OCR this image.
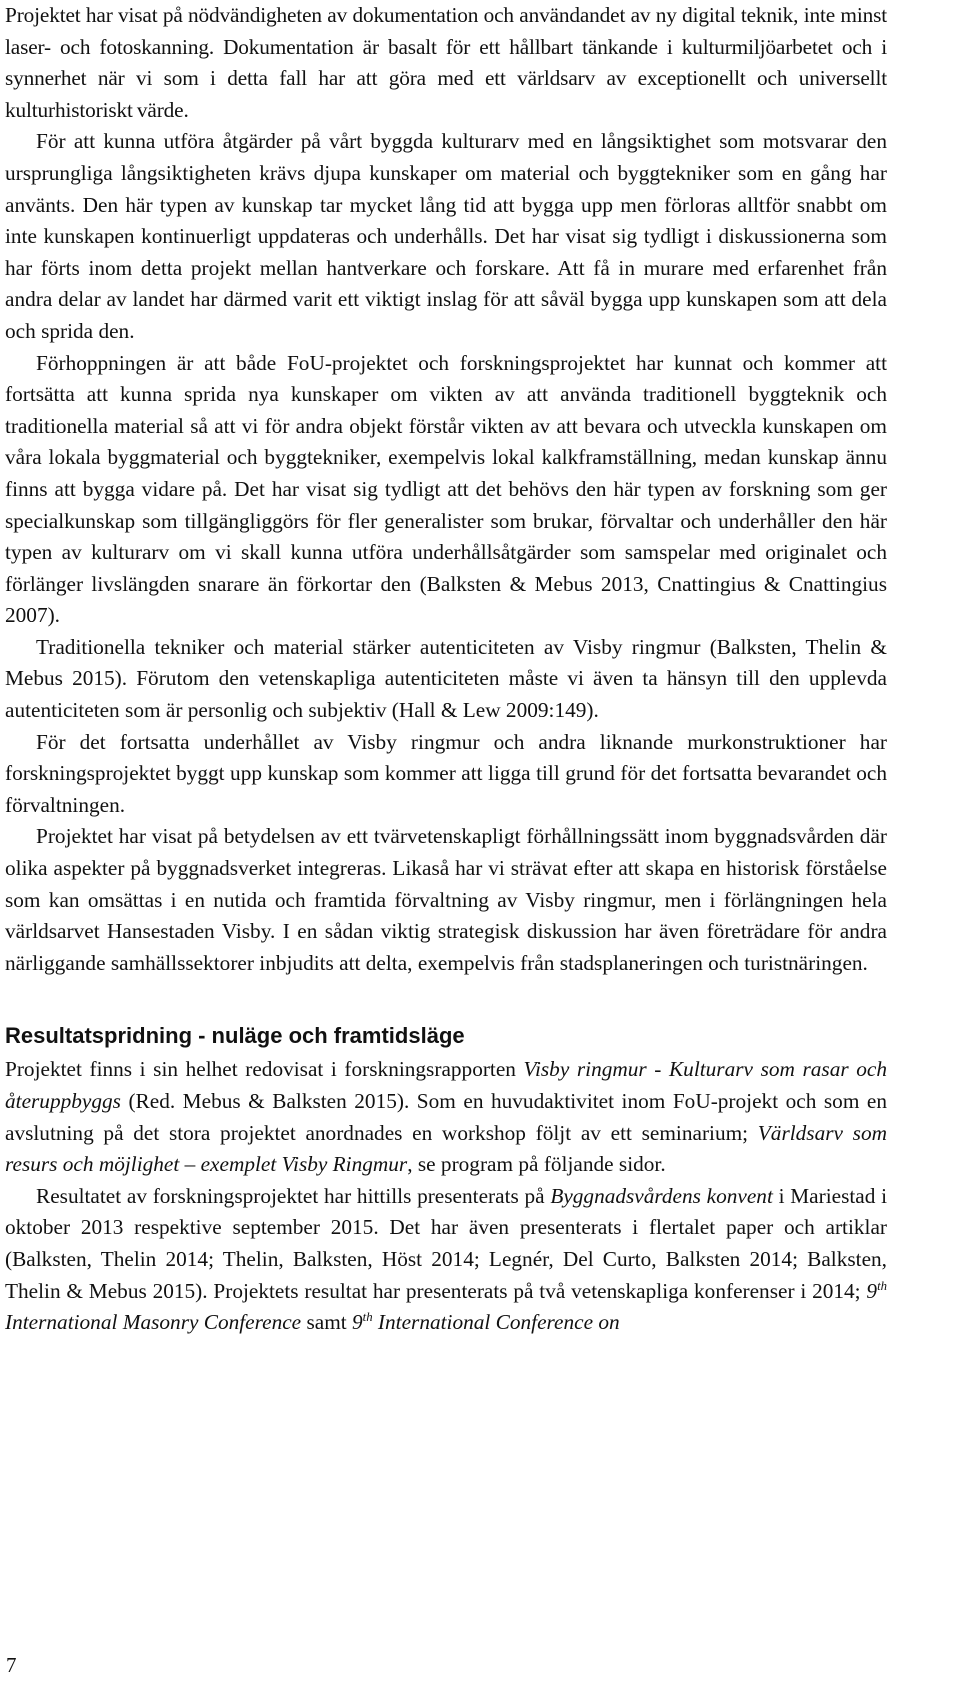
Projektet har visat på nödvändigheten av dokumentation och användandet av ny digital teknik, inte minst laser- och fotoskanning. Dokumentation är basalt för ett hållbart tänkande i kulturmiljöarbetet och i synnerhet när vi som i detta fall har att göra med ett världsarv av exceptionellt och universellt kulturhistoriskt värde.

För att kunna utföra åtgärder på vårt byggda kulturarv med en långsiktighet som motsvarar den ursprungliga långsiktigheten krävs djupa kunskaper om material och byggtekniker som en gång har använts. Den här typen av kunskap tar mycket lång tid att bygga upp men förloras alltför snabbt om inte kunskapen kontinuerligt uppdateras och underhålls. Det har visat sig tydligt i diskussionerna som har förts inom detta projekt mellan hantverkare och forskare. Att få in murare med erfarenhet från andra delar av landet har därmed varit ett viktigt inslag för att såväl bygga upp kunskapen som att dela och sprida den.

Förhoppningen är att både FoU-projektet och forskningsprojektet har kunnat och kommer att fortsätta att kunna sprida nya kunskaper om vikten av att använda traditionell byggteknik och traditionella material så att vi för andra objekt förstår vikten av att bevara och utveckla kunskapen om våra lokala byggmaterial och byggtekniker, exempelvis lokal kalkframställning, medan kunskap ännu finns att bygga vidare på. Det har visat sig tydligt att det behövs den här typen av forskning som ger specialkunskap som tillgängliggörs för fler generalister som brukar, förvaltar och underhåller den här typen av kulturarv om vi skall kunna utföra underhållsåtgärder som samspelar med originalet och förlänger livslängden snarare än förkortar den (Balksten & Mebus 2013, Cnattingius & Cnattingius 2007).

Traditionella tekniker och material stärker autenticiteten av Visby ringmur (Balksten, Thelin & Mebus 2015). Förutom den vetenskapliga autenticiteten måste vi även ta hänsyn till den upplevda autenticiteten som är personlig och subjektiv (Hall & Lew 2009:149).

För det fortsatta underhållet av Visby ringmur och andra liknande murkonstruktioner har forskningsprojektet byggt upp kunskap som kommer att ligga till grund för det fortsatta bevarandet och förvaltningen.

Projektet har visat på betydelsen av ett tvärvetenskapligt förhållningssätt inom byggnadsvården där olika aspekter på byggnadsverket integreras. Likaså har vi strävat efter att skapa en historisk förståelse som kan omsättas i en nutida och framtida förvaltning av Visby ringmur, men i förlängningen hela världsarvet Hansestaden Visby. I en sådan viktig strategisk diskussion har även företrädare för andra närliggande samhällssektorer inbjudits att delta, exempelvis från stadsplaneringen och turistnäringen.

Resultatspridning - nuläge och framtidsläge

Projektet finns i sin helhet redovisat i forskningsrapporten Visby ringmur - Kulturarv som rasar och återuppbyggs (Red. Mebus & Balksten 2015). Som en huvudaktivitet inom FoU-projekt och som en avslutning på det stora projektet anordnades en workshop följt av ett seminarium; Världsarv som resurs och möjlighet – exemplet Visby Ringmur, se program på följande sidor.

Resultatet av forskningsprojektet har hittills presenterats på Byggnadsvårdens konvent i Mariestad i oktober 2013 respektive september 2015. Det har även presenterats i flertalet paper och artiklar (Balksten, Thelin 2014; Thelin, Balksten, Höst 2014; Legnér, Del Curto, Balksten 2014; Balksten, Thelin & Mebus 2015). Projektets resultat har presenterats på två vetenskapliga konferenser i 2014; 9th International Masonry Conference samt 9th International Conference on

7
